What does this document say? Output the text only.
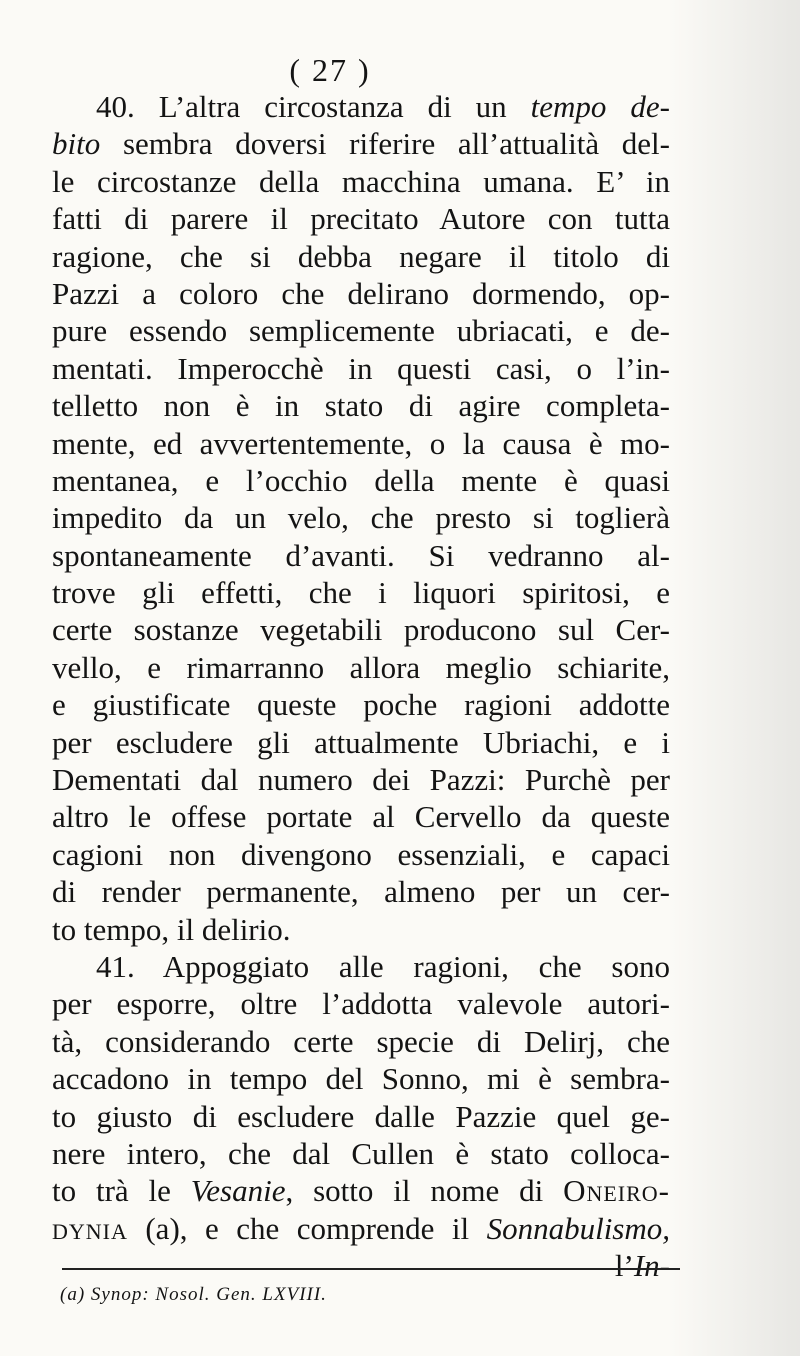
( 27 )
40. L’altra circostanza di un tempo de-
bito sembra doversi riferire all’attualità del-
le circostanze della macchina umana. E’ in
fatti di parere il precitato Autore con tutta
ragione, che si debba negare il titolo di
Pazzi a coloro che delirano dormendo, op-
pure essendo semplicemente ubriacati, e de-
mentati. Imperocchè in questi casi, o l’in-
telletto non è in stato di agire completa-
mente, ed avvertentemente, o la causa è mo-
mentanea, e l’occhio della mente è quasi
impedito da un velo, che presto si toglierà
spontaneamente d’avanti. Si vedranno al-
trove gli effetti, che i liquori spiritosi, e
certe sostanze vegetabili producono sul Cer-
vello, e rimarranno allora meglio schiarite,
e giustificate queste poche ragioni addotte
per escludere gli attualmente Ubriachi, e i
Dementati dal numero dei Pazzi: Purchè per
altro le offese portate al Cervello da queste
cagioni non divengono essenziali, e capaci
di render permanente, almeno per un cer-
to tempo, il delirio.
41. Appoggiato alle ragioni, che sono
per esporre, oltre l’addotta valevole autori-
tà, considerando certe specie di Delirj, che
accadono in tempo del Sonno, mi è sembra-
to giusto di escludere dalle Pazzie quel ge-
nere intero, che dal Cullen è stato colloca-
to trà le Vesanie, sotto il nome di Oneiro-
dynia (a), e che comprende il Sonnabulismo,
l’In-
(a) Synop: Nosol. Gen. LXVIII.
